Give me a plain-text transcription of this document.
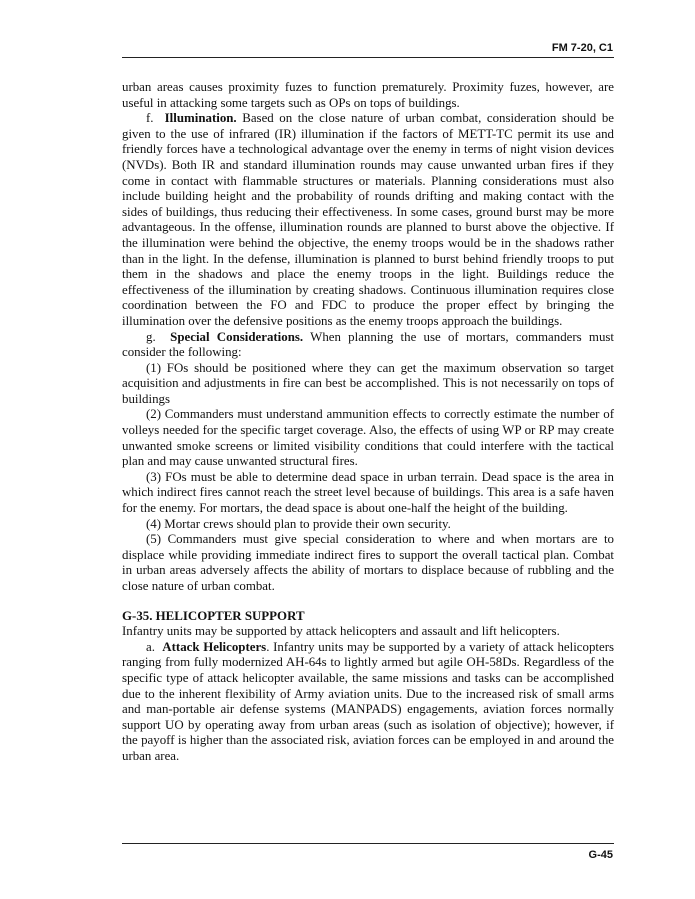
FM 7-20, C1

urban areas causes proximity fuzes to function prematurely. Proximity fuzes, however, are useful in attacking some targets such as OPs on tops of buildings.

f. Illumination. Based on the close nature of urban combat, consideration should be given to the use of infrared (IR) illumination if the factors of METT-TC permit its use and friendly forces have a technological advantage over the enemy in terms of night vision devices (NVDs). Both IR and standard illumination rounds may cause unwanted urban fires if they come in contact with flammable structures or materials. Planning considerations must also include building height and the probability of rounds drifting and making contact with the sides of buildings, thus reducing their effectiveness. In some cases, ground burst may be more advantageous. In the offense, illumination rounds are planned to burst above the objective. If the illumination were behind the objective, the enemy troops would be in the shadows rather than in the light. In the defense, illumination is planned to burst behind friendly troops to put them in the shadows and place the enemy troops in the light. Buildings reduce the effectiveness of the illumination by creating shadows. Continuous illumination requires close coordination between the FO and FDC to produce the proper effect by bringing the illumination over the defensive positions as the enemy troops approach the buildings.

g. Special Considerations. When planning the use of mortars, commanders must consider the following:

(1) FOs should be positioned where they can get the maximum observation so target acquisition and adjustments in fire can best be accomplished. This is not necessarily on tops of buildings

(2) Commanders must understand ammunition effects to correctly estimate the number of volleys needed for the specific target coverage. Also, the effects of using WP or RP may create unwanted smoke screens or limited visibility conditions that could interfere with the tactical plan and may cause unwanted structural fires.

(3) FOs must be able to determine dead space in urban terrain. Dead space is the area in which indirect fires cannot reach the street level because of buildings. This area is a safe haven for the enemy. For mortars, the dead space is about one-half the height of the building.

(4) Mortar crews should plan to provide their own security.

(5) Commanders must give special consideration to where and when mortars are to displace while providing immediate indirect fires to support the overall tactical plan. Combat in urban areas adversely affects the ability of mortars to displace because of rubbling and the close nature of urban combat.

G-35. HELICOPTER SUPPORT

Infantry units may be supported by attack helicopters and assault and lift helicopters.

a. Attack Helicopters. Infantry units may be supported by a variety of attack helicopters ranging from fully modernized AH-64s to lightly armed but agile OH-58Ds. Regardless of the specific type of attack helicopter available, the same missions and tasks can be accomplished due to the inherent flexibility of Army aviation units. Due to the increased risk of small arms and man-portable air defense systems (MANPADS) engagements, aviation forces normally support UO by operating away from urban areas (such as isolation of objective); however, if the payoff is higher than the associated risk, aviation forces can be employed in and around the urban area.

G-45
